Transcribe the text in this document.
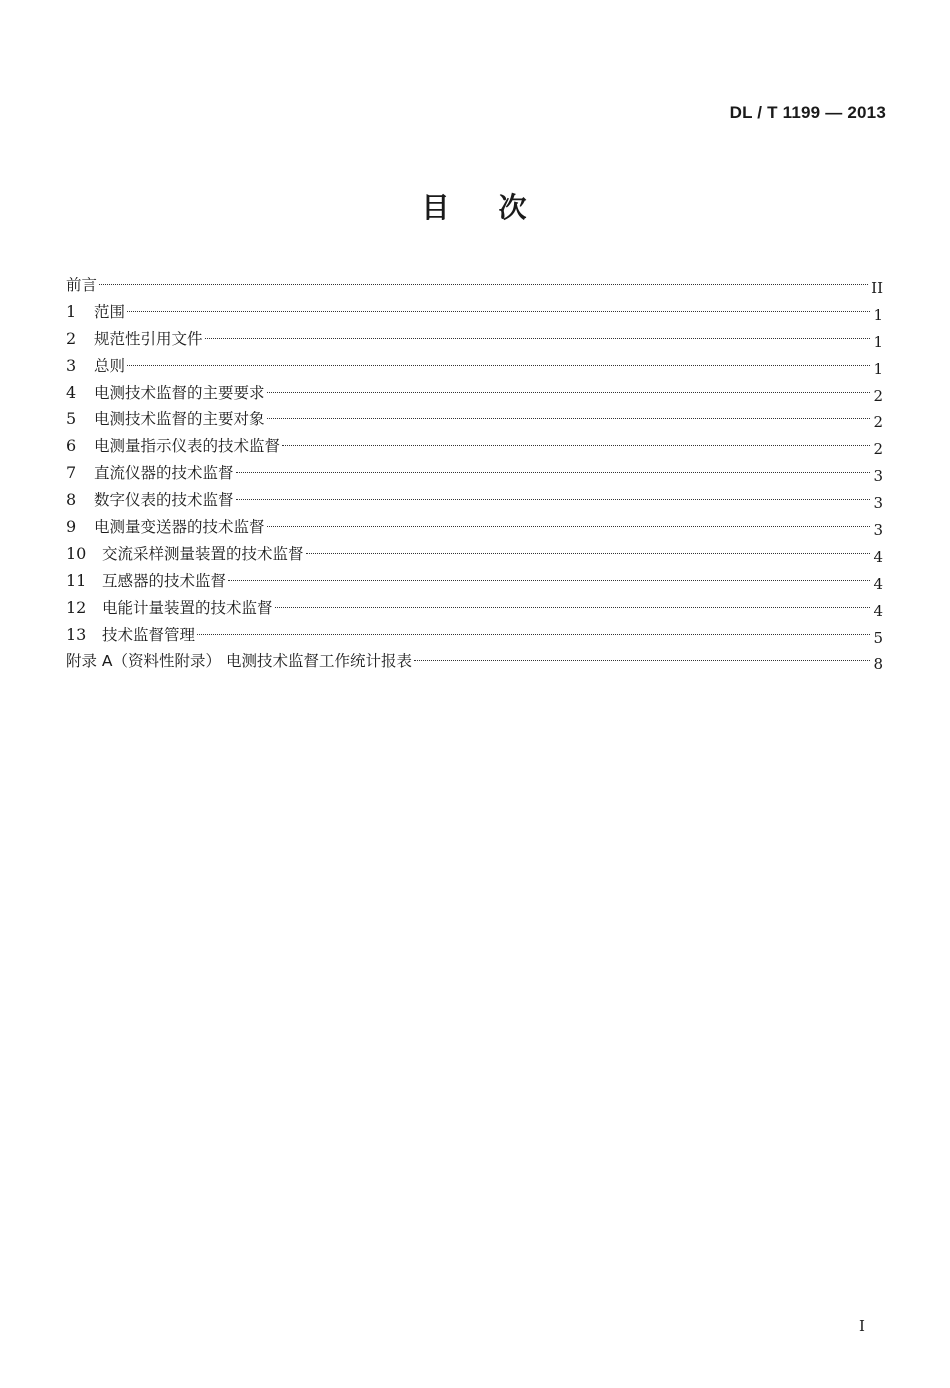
DL / T 1199 — 2013
目    次
前言	II
1	范围	1
2	规范性引用文件	1
3	总则	1
4	电测技术监督的主要要求	2
5	电测技术监督的主要对象	2
6	电测量指示仪表的技术监督	2
7	直流仪器的技术监督	3
8	数字仪表的技术监督	3
9	电测量变送器的技术监督	3
10	交流采样测量装置的技术监督	4
11	互感器的技术监督	4
12	电能计量装置的技术监督	4
13	技术监督管理	5
附录 A（资料性附录） 电测技术监督工作统计报表	8
I
